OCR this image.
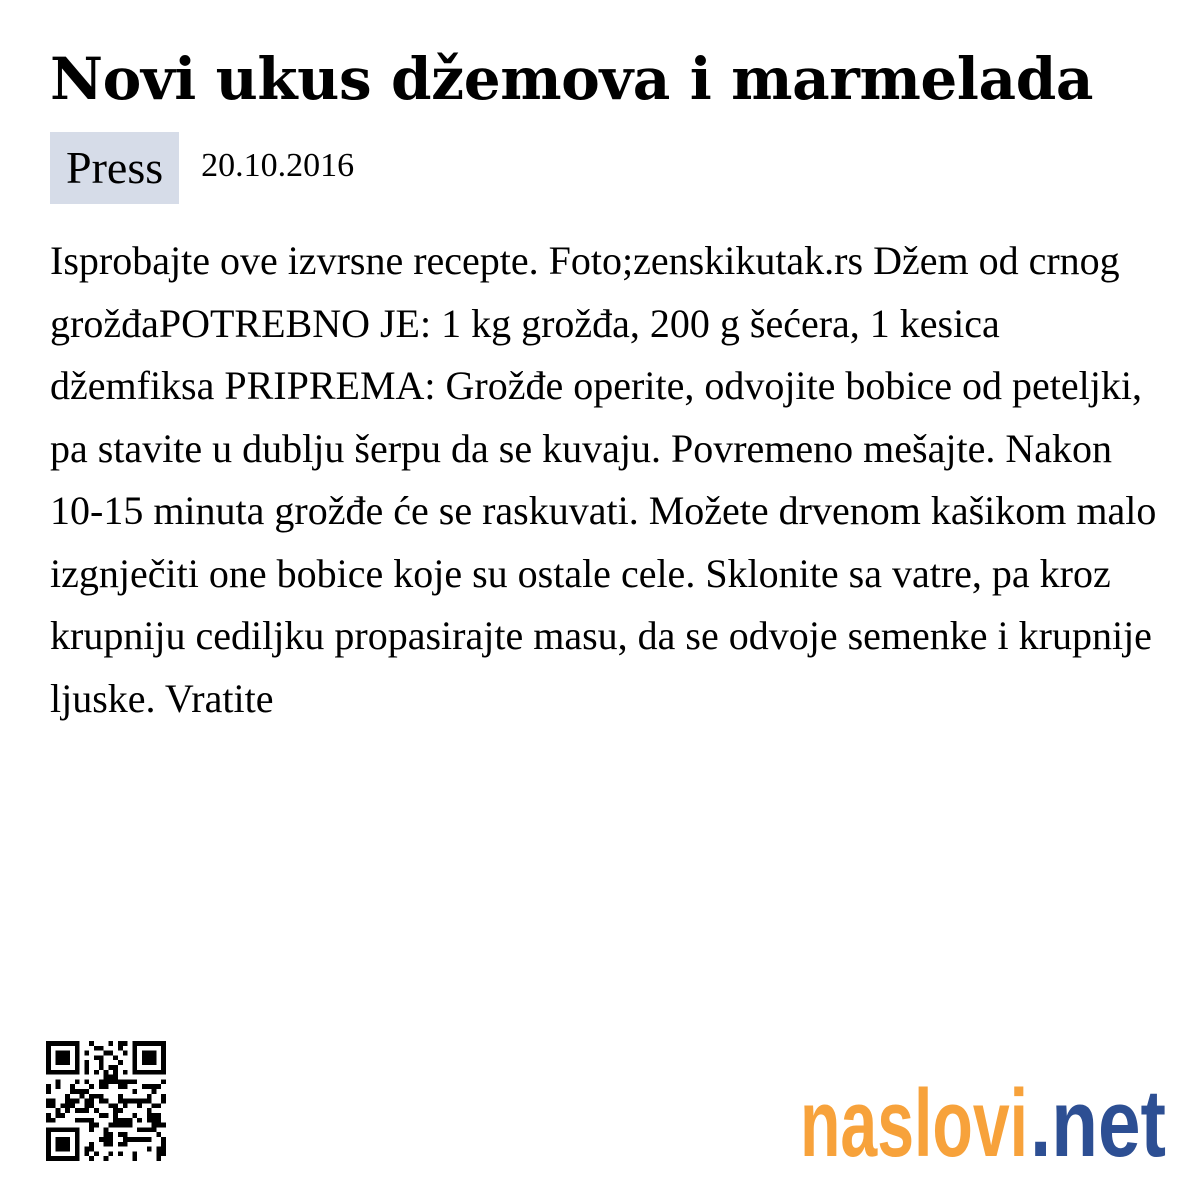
Novi ukus džemova i marmelada
Press	20.10.2016

Isprobajte ove izvrsne recepte. Foto;zenskikutak.rs Džem od crnog grožđaPOTREBNO JE: 1 kg grožđa, 200 g šećera, 1 kesica džemfiksa PRIPREMA: Grožđe operite, odvojite bobice od peteljki, pa stavite u dublju šerpu da se kuvaju. Povremeno mešajte. Nakon 10-15 minuta grožđe će se raskuvati. Možete drvenom kašikom malo izgnječiti one bobice koje su ostale cele. Sklonite sa vatre, pa kroz krupniju cediljku propasirajte masu, da se odvoje semenke i krupnije ljuske. Vratite

naslovi .net
